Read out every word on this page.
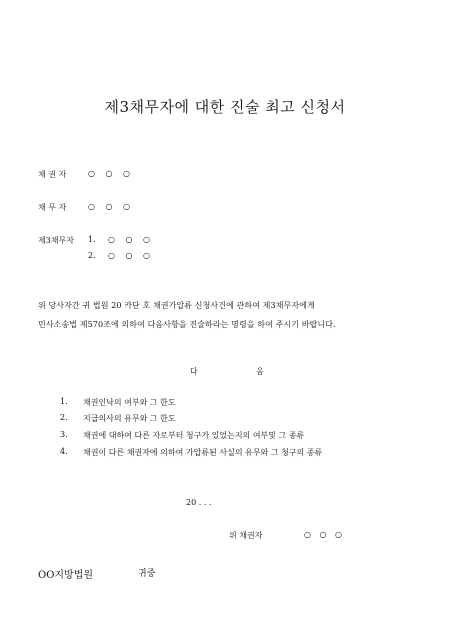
제3채무자에 대한 진술 최고 신청서
채 권 자	○ ○ ○
채 무 자	○ ○ ○
제3채무자 1. ○ ○ ○
2. ○ ○ ○
위 당사자간 귀 법원 20 카단 호 채권가압류 신청사건에 관하여 제3채무자에게
민사소송법 제570조에 의하여 다음사항을 진술하라는 명령을 하여 주시기 바랍니다.
다	음
1. 채권인낙의 여부와 그 한도
2. 지급의사의 유무와 그 한도
3. 채권에 대하여 다른 자로부터 청구가 있었는지의 여부및 그 종류
4. 채권이 다른 채권자에 의하여 가압류된 사실의 유무와 그 청구의 종류
20 . . .
위 채권자	○ ○ ○
OO지방법원	귀중
